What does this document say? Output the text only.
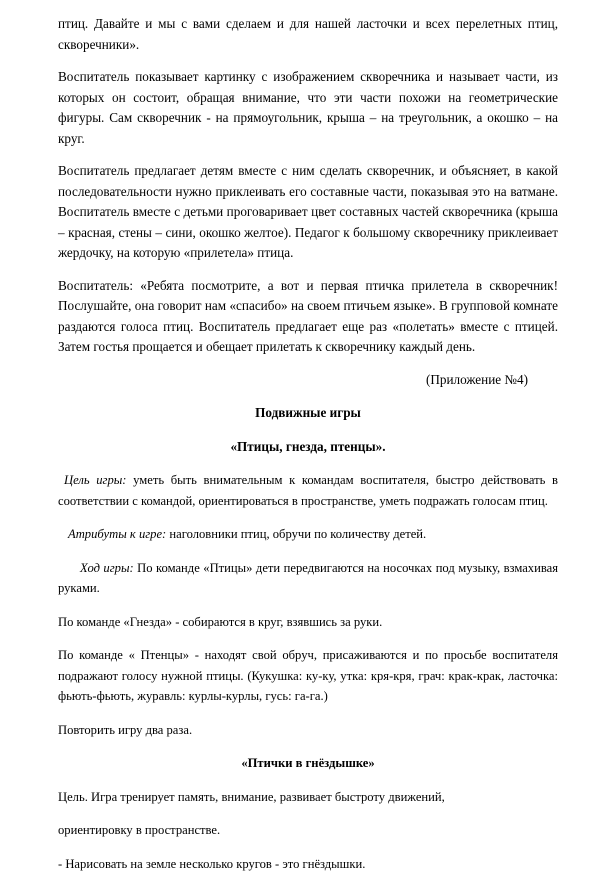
птиц. Давайте и мы с вами сделаем и для нашей ласточки и всех перелетных птиц, скворечники».

Воспитатель показывает картинку с изображением скворечника и называет части, из которых он состоит, обращая внимание, что эти части похожи на геометрические фигуры. Сам скворечник - на прямоугольник, крыша – на треугольник, а окошко – на круг.

Воспитатель предлагает детям вместе с ним сделать скворечник, и объясняет, в какой последовательности нужно приклеивать его составные части, показывая это на ватмане. Воспитатель вместе с детьми проговаривает цвет составных частей скворечника (крыша – красная, стены – сини, окошко желтое). Педагог к большому скворечнику приклеивает жердочку, на которую «прилетела» птица.

Воспитатель: «Ребята посмотрите, а вот и первая птичка прилетела в скворечник! Послушайте, она говорит нам «спасибо» на своем птичьем языке». В групповой комнате раздаются голоса птиц. Воспитатель предлагает еще раз «полетать» вместе с птицей. Затем гостья прощается и обещает прилетать к скворечнику каждый день.

(Приложение №4)

Подвижные игры

«Птицы, гнезда, птенцы».

Цель игры: уметь быть внимательным к командам воспитателя, быстро действовать в соответствии с командой, ориентироваться в пространстве, уметь подражать голосам птиц.

Атрибуты к игре: наголовники птиц, обручи по количеству детей.

Ход игры: По команде «Птицы» дети передвигаются на носочках под музыку, взмахивая руками.

По команде «Гнезда» - собираются в круг, взявшись за руки.

По команде « Птенцы» - находят свой обруч, присаживаются и по просьбе воспитателя подражают голосу нужной птицы. (Кукушка: ку-ку, утка: кря-кря, грач: крак-крак, ласточка: фьють-фьють, журавль: курлы-курлы, гусь: га-га.)

Повторить игру два раза.

«Птички в гнёздышке»

Цель. Игра тренирует память, внимание, развивает быстроту движений,

ориентировку в пространстве.

- Нарисовать на земле несколько кругов - это гнёздышки.
